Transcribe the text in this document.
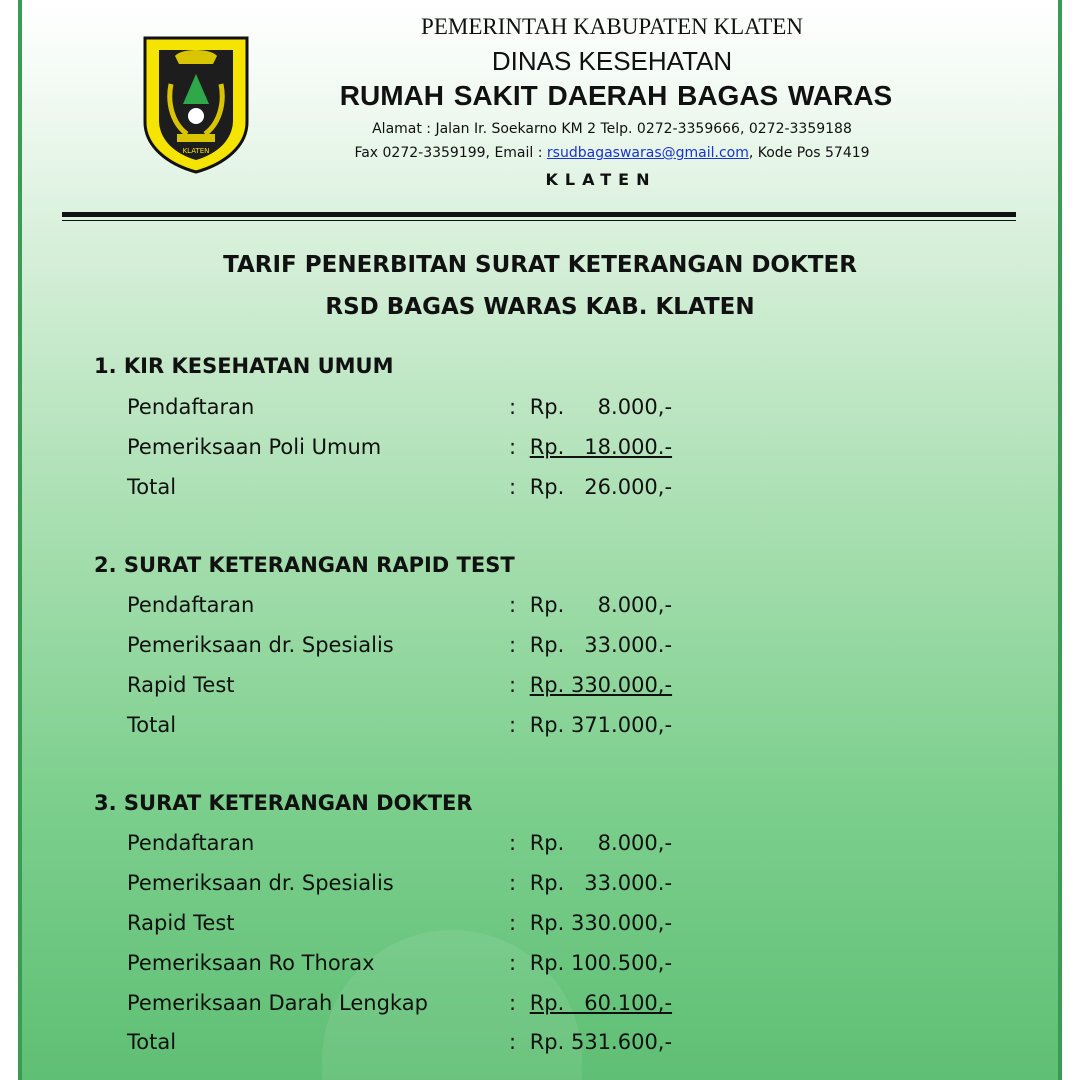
KLATEN
PEMERINTAH KABUPATEN KLATEN
DINAS KESEHATAN
RUMAH SAKIT DAERAH BAGAS WARAS
Alamat : Jalan Ir. Soekarno KM 2 Telp. 0272-3359666, 0272-3359188
Fax 0272-3359199, Email : rsudbagaswaras@gmail.com, Kode Pos 57419
KLATEN
TARIF PENERBITAN SURAT KETERANGAN DOKTER
RSD BAGAS WARAS KAB. KLATEN
1. KIR KESEHATAN UMUM
Pendaftaran	: Rp.     8.000,-
Pemeriksaan Poli Umum	: Rp.   18.000.-
Total	: Rp.   26.000,-
2. SURAT KETERANGAN RAPID TEST
Pendaftaran	: Rp.     8.000,-
Pemeriksaan dr. Spesialis	: Rp.   33.000.-
Rapid Test	: Rp. 330.000,-
Total	: Rp. 371.000,-
3. SURAT KETERANGAN DOKTER
Pendaftaran	: Rp.     8.000,-
Pemeriksaan dr. Spesialis	: Rp.   33.000.-
Rapid Test	: Rp. 330.000,-
Pemeriksaan Ro Thorax	: Rp. 100.500,-
Pemeriksaan Darah Lengkap	: Rp.   60.100,-
Total	: Rp. 531.600,-
